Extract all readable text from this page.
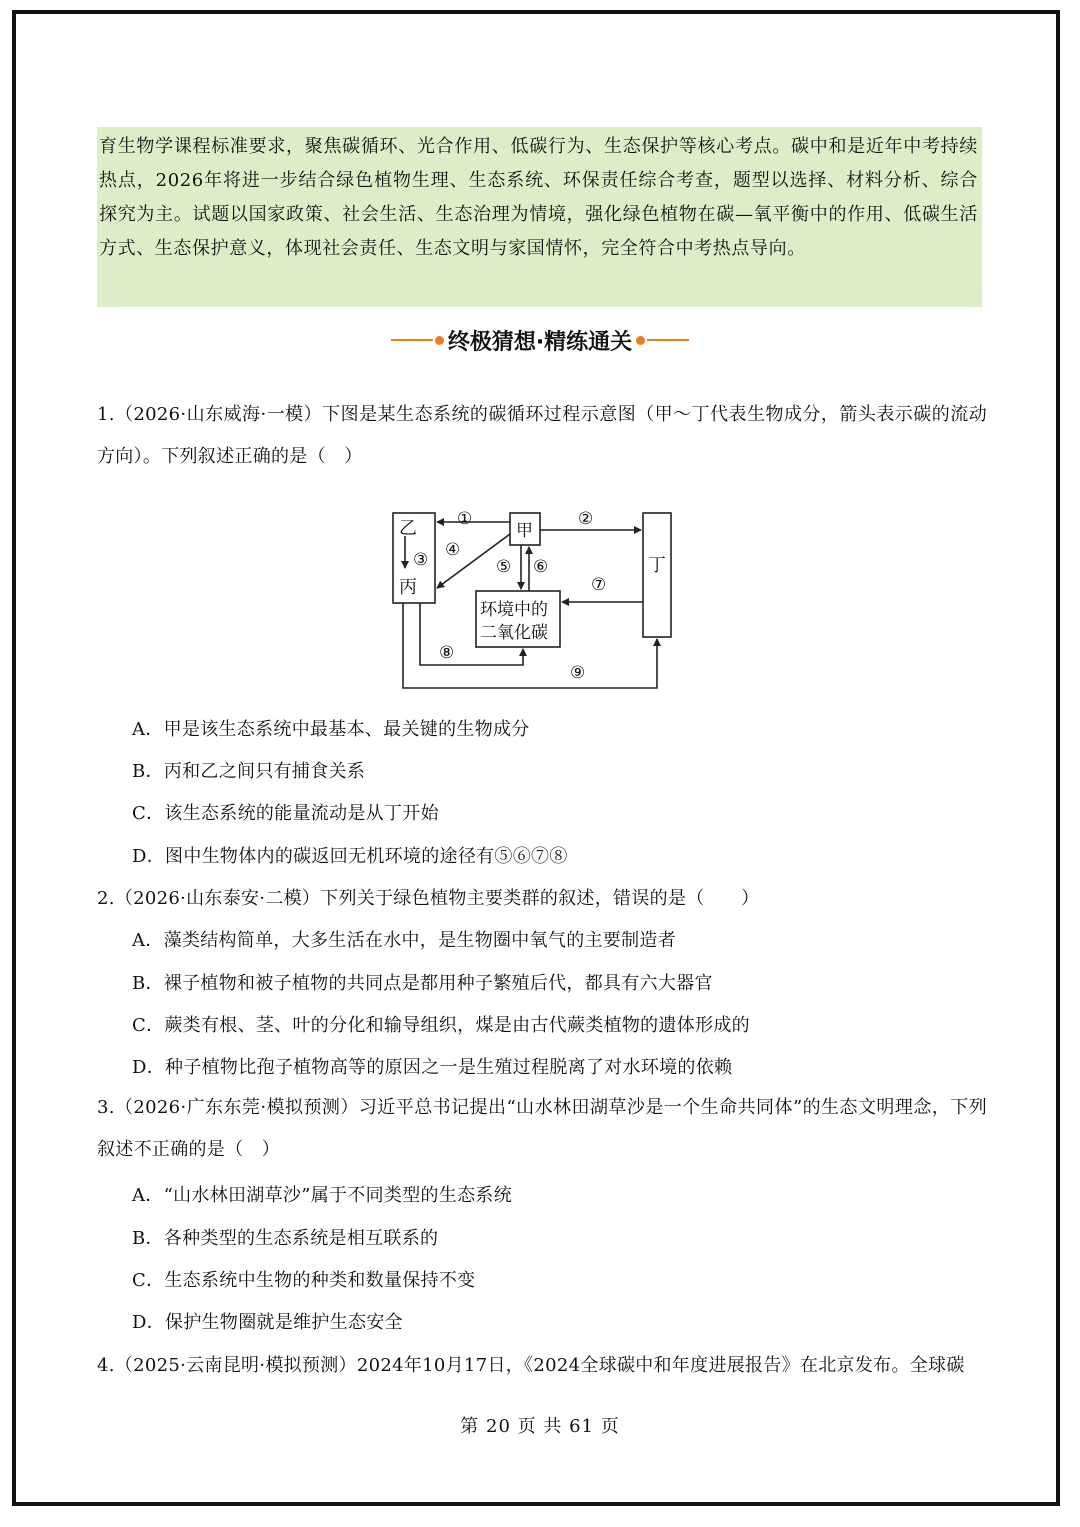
育生物学课程标准要求，聚焦碳循环、光合作用、低碳行为、生态保护等核心考点。碳中和是近年中考持续热点，2026年将进一步结合绿色植物生理、生态系统、环保责任综合考查，题型以选择、材料分析、综合探究为主。试题以国家政策、社会生活、生态治理为情境，强化绿色植物在碳—氧平衡中的作用、低碳生活方式、生态保护意义，体现社会责任、生态文明与家国情怀，完全符合中考热点导向。
终极猜想·精练通关
1.（2026·山东威海·一模）下图是某生态系统的碳循环过程示意图（甲～丁代表生物成分，箭头表示碳的流动方向）。下列叙述正确的是（　）
乙
丙
甲
丁
环境中的
二氧化碳
①	②
③ ④
⑤ ⑥
⑦
⑧
⑨
A．甲是该生态系统中最基本、最关键的生物成分
B．丙和乙之间只有捕食关系
C．该生态系统的能量流动是从丁开始
D．图中生物体内的碳返回无机环境的途径有⑤⑥⑦⑧
2.（2026·山东泰安·二模）下列关于绿色植物主要类群的叙述，错误的是（　　）
A．藻类结构简单，大多生活在水中，是生物圈中氧气的主要制造者
B．裸子植物和被子植物的共同点是都用种子繁殖后代，都具有六大器官
C．蕨类有根、茎、叶的分化和输导组织，煤是由古代蕨类植物的遗体形成的
D．种子植物比孢子植物高等的原因之一是生殖过程脱离了对水环境的依赖
3.（2026·广东东莞·模拟预测）习近平总书记提出“山水林田湖草沙是一个生命共同体”的生态文明理念，下列叙述不正确的是（　）
A．“山水林田湖草沙”属于不同类型的生态系统
B．各种类型的生态系统是相互联系的
C．生态系统中生物的种类和数量保持不变
D．保护生物圈就是维护生态安全
4.（2025·云南昆明·模拟预测）2024年10月17日，《2024全球碳中和年度进展报告》在北京发布。全球碳
第 20 页 共 61 页
